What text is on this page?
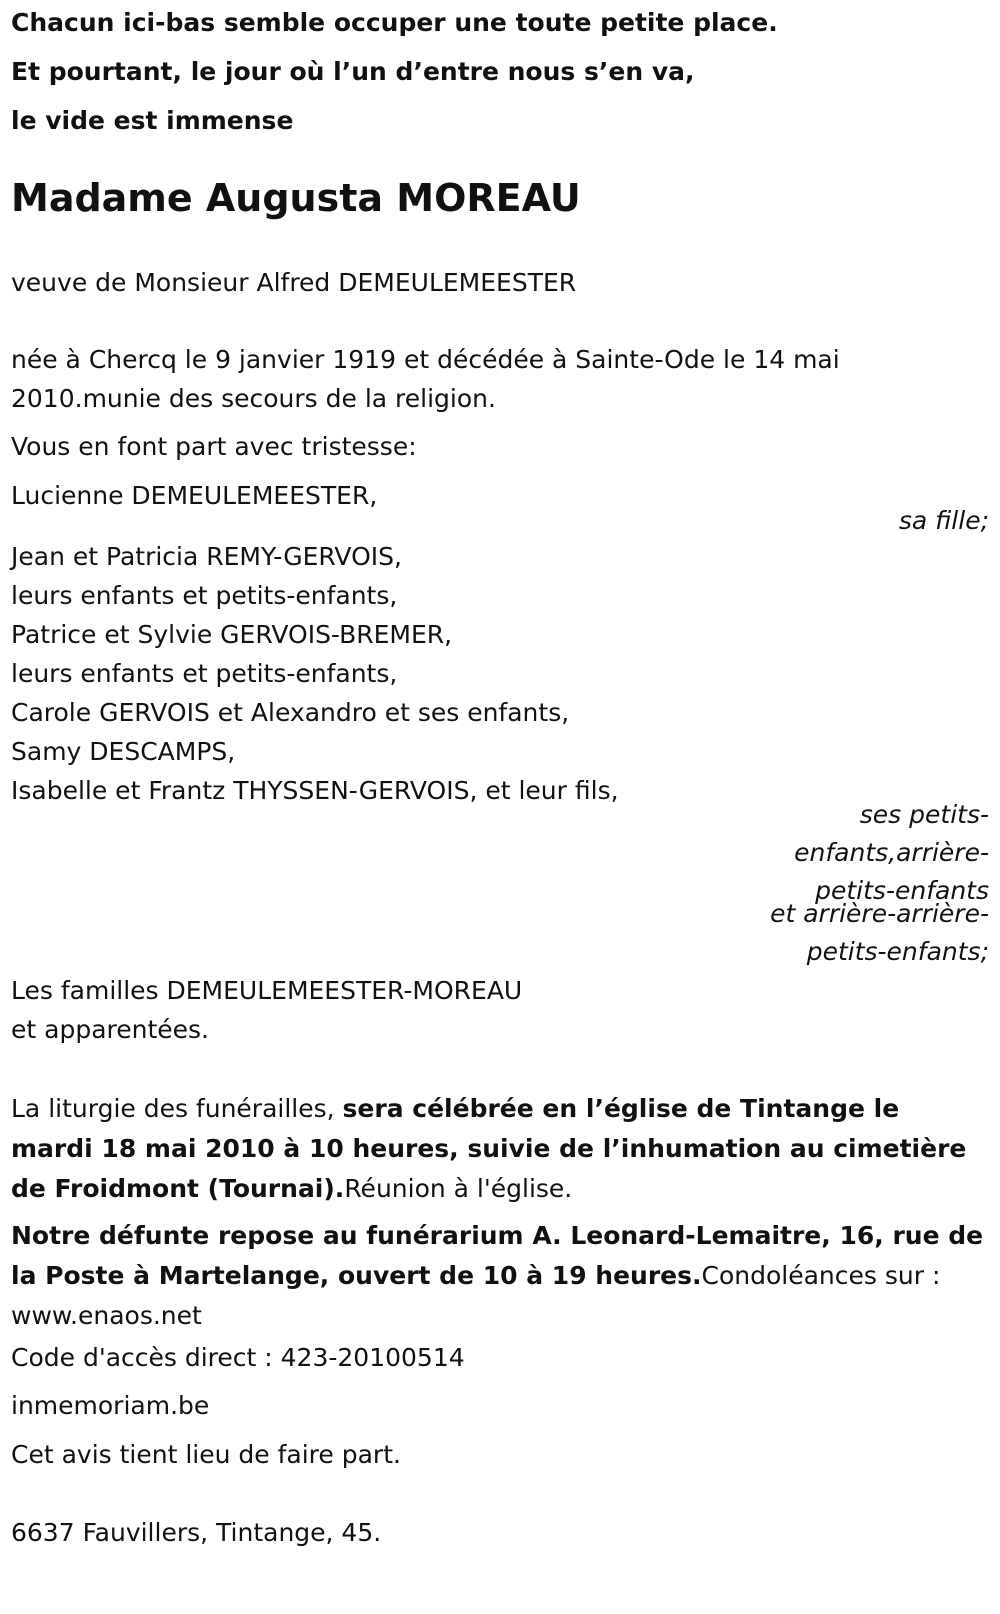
Chacun ici-bas semble occuper une toute petite place.
Et pourtant, le jour où l’un d’entre nous s’en va,
le vide est immense
Madame Augusta MOREAU
veuve de Monsieur Alfred DEMEULEMEESTER
née à Chercq le 9 janvier 1919 et décédée à Sainte-Ode le 14 mai
2010.munie des secours de la religion.
Vous en font part avec tristesse:
Lucienne DEMEULEMEESTER,
sa fille;
Jean et Patricia REMY-GERVOIS,
leurs enfants et petits-enfants,
Patrice et Sylvie GERVOIS-BREMER,
leurs enfants et petits-enfants,
Carole GERVOIS et Alexandro et ses enfants,
Samy DESCAMPS,
Isabelle et Frantz THYSSEN-GERVOIS, et leur fils,
ses petits-
enfants,arrière-
petits-enfants
et arrière-arrière-
petits-enfants;
Les familles DEMEULEMEESTER-MOREAU
et apparentées.
La liturgie des funérailles, sera célébrée en l’église de Tintange le mardi 18 mai 2010 à 10 heures, suivie de l’inhumation au cimetière de Froidmont (Tournai).Réunion à l'église.
Notre défunte repose au funérarium A. Leonard-Lemaitre, 16, rue de la Poste à Martelange, ouvert de 10 à 19 heures.Condoléances sur : www.enaos.net
Code d'accès direct : 423-20100514
inmemoriam.be
Cet avis tient lieu de faire part.
6637 Fauvillers, Tintange, 45.
